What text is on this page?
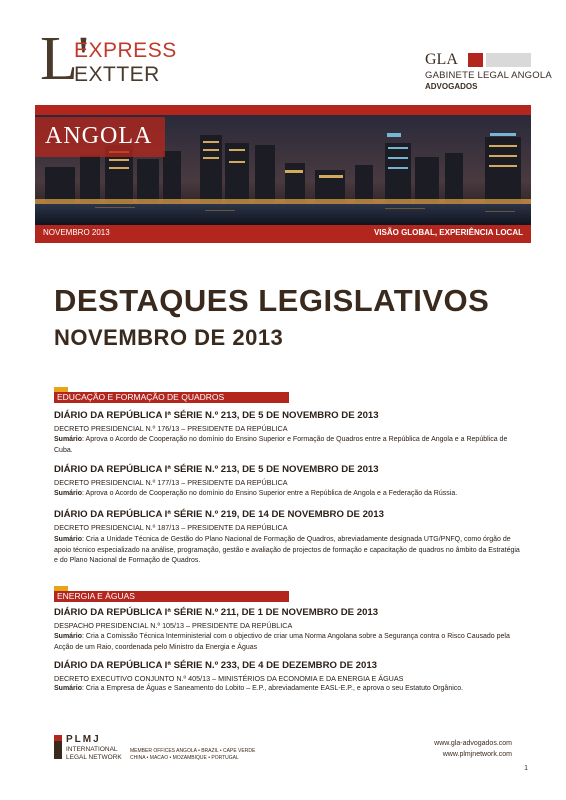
L'
EXPRESS
EXTTER
GLA
GABINETE LEGAL ANGOLA
ADVOGADOS
ANGOLA
NOVEMBRO 2013	VISÃO GLOBAL, EXPERIÊNCIA LOCAL
DESTAQUES LEGISLATIVOS
NOVEMBRO DE 2013
EDUCAÇÃO E FORMAÇÃO DE QUADROS
DIÁRIO DA REPÚBLICA Iª SÉRIE N.º 213, DE 5 DE NOVEMBRO DE 2013
DECRETO PRESIDENCIAL N.º 176/13 – PRESIDENTE DA REPÚBLICA
Sumário: Aprova o Acordo de Cooperação no domínio do Ensino Superior e Formação de Quadros entre a República de Angola e a República de Cuba.
DIÁRIO DA REPÚBLICA Iª SÉRIE N.º 213, DE 5 DE NOVEMBRO DE 2013
DECRETO PRESIDENCIAL N.º 177/13 – PRESIDENTE DA REPÚBLICA
Sumário: Aprova o Acordo de Cooperação no domínio do Ensino Superior entre a República de Angola e a Federação da Rússia.
DIÁRIO DA REPÚBLICA Iª SÉRIE N.º 219, DE 14 DE NOVEMBRO DE 2013
DECRETO PRESIDENCIAL N.º 187/13 – PRESIDENTE DA REPÚBLICA
Sumário: Cria a Unidade Técnica de Gestão do Plano Nacional de Formação de Quadros, abreviadamente designada UTG/PNFQ, como órgão de apoio técnico especializado na análise, programação, gestão e avaliação de projectos de formação e capacitação de quadros no âmbito da Estratégia e do Plano Nacional de Formação de Quadros.
ENERGIA E ÁGUAS
DIÁRIO DA REPÚBLICA Iª SÉRIE N.º 211, DE 1 DE NOVEMBRO DE 2013
DESPACHO PRESIDENCIAL N.º 105/13 – PRESIDENTE DA REPÚBLICA
Sumário: Cria a Comissão Técnica Interministerial com o objectivo de criar uma Norma Angolana sobre a Segurança contra o Risco Causado pela Acção de um Raio, coordenada pelo Ministro da Energia e Águas
DIÁRIO DA REPÚBLICA Iª SÉRIE N.º 233, DE 4 DE DEZEMBRO DE 2013
DECRETO EXECUTIVO CONJUNTO N.º 405/13 – MINISTÉRIOS DA ECONOMIA E DA ENERGIA E ÁGUAS
Sumário: Cria a Empresa de Águas e Saneamento do Lobito – E.P., abreviadamente EASL-E.P., e aprova o seu Estatuto Orgânico.
PLMJ
INTERNATIONAL
LEGAL NETWORK
MEMBER OFFICES ANGOLA • BRAZIL • CAPE VERDE
CHINA • MACAO • MOZAMBIQUE • PORTUGAL
www.gla-advogados.com
www.plmjnetwork.com
1
